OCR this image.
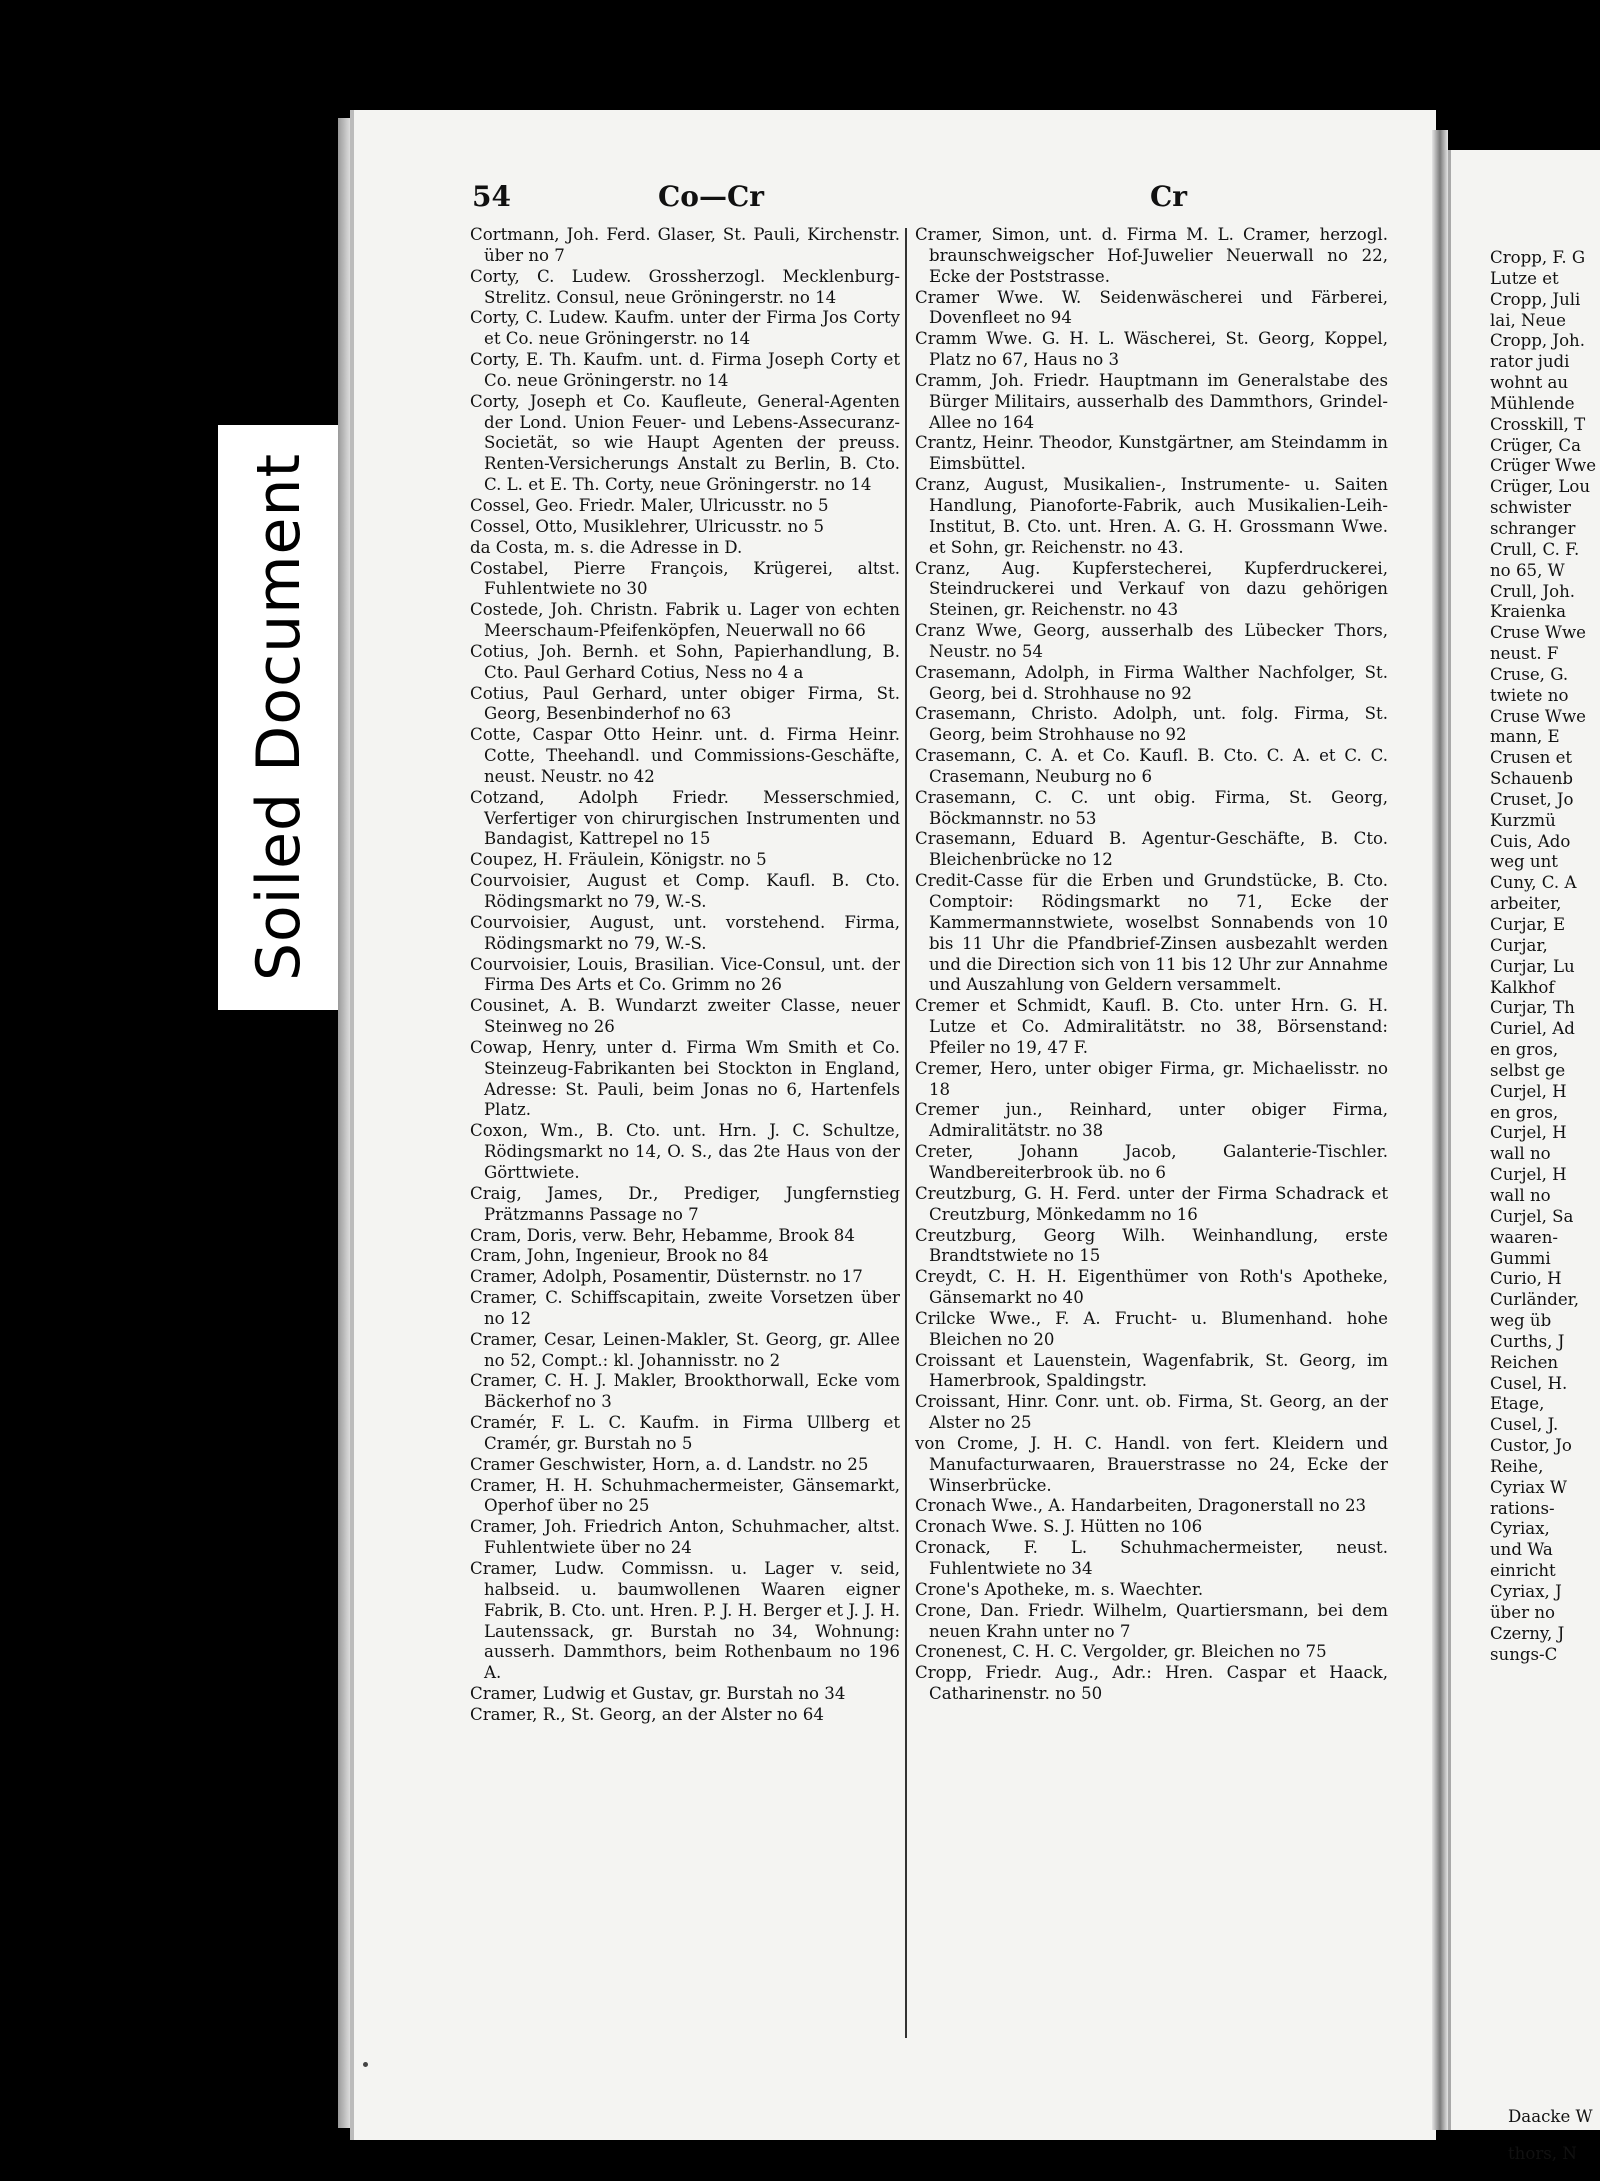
Soiled Document
54	Co—Cr	Cr

Cortmann, Joh. Ferd. Glaser, St. Pauli, Kirchenstr. über no 7

Corty, C. Ludew. Grossherzogl. Mecklenburg-Strelitz. Consul, neue Gröningerstr. no 14

Corty, C. Ludew. Kaufm. unter der Firma Jos Corty et Co. neue Gröningerstr. no 14

Corty, E. Th. Kaufm. unt. d. Firma Joseph Corty et Co. neue Gröningerstr. no 14

Corty, Joseph et Co. Kaufleute, General-Agenten der Lond. Union Feuer- und Lebens-Assecuranz-Societät, so wie Haupt Agenten der preuss. Renten-Versicherungs Anstalt zu Berlin, B. Cto. C. L. et E. Th. Corty, neue Gröningerstr. no 14

Cossel, Geo. Friedr. Maler, Ulricusstr. no 5

Cossel, Otto, Musiklehrer, Ulricusstr. no 5

da Costa, m. s. die Adresse in D.

Costabel, Pierre François, Krügerei, altst. Fuhlentwiete no 30

Costede, Joh. Christn. Fabrik u. Lager von echten Meerschaum-Pfeifenköpfen, Neuerwall no 66

Cotius, Joh. Bernh. et Sohn, Papierhandlung, B. Cto. Paul Gerhard Cotius, Ness no 4 a

Cotius, Paul Gerhard, unter obiger Firma, St. Georg, Besenbinderhof no 63

Cotte, Caspar Otto Heinr. unt. d. Firma Heinr. Cotte, Theehandl. und Commissions-Geschäfte, neust. Neustr. no 42

Cotzand, Adolph Friedr. Messerschmied, Verfertiger von chirurgischen Instrumenten und Bandagist, Kattrepel no 15

Coupez, H. Fräulein, Königstr. no 5

Courvoisier, August et Comp. Kaufl. B. Cto. Rödingsmarkt no 79, W.-S.

Courvoisier, August, unt. vorstehend. Firma, Rödingsmarkt no 79, W.-S.

Courvoisier, Louis, Brasilian. Vice-Consul, unt. der Firma Des Arts et Co. Grimm no 26

Cousinet, A. B. Wundarzt zweiter Classe, neuer Steinweg no 26

Cowap, Henry, unter d. Firma Wm Smith et Co. Steinzeug-Fabrikanten bei Stockton in England, Adresse: St. Pauli, beim Jonas no 6, Hartenfels Platz.

Coxon, Wm., B. Cto. unt. Hrn. J. C. Schultze, Rödingsmarkt no 14, O. S., das 2te Haus von der Görttwiete.

Craig, James, Dr., Prediger, Jungfernstieg Prätzmanns Passage no 7

Cram, Doris, verw. Behr, Hebamme, Brook 84

Cram, John, Ingenieur, Brook no 84

Cramer, Adolph, Posamentir, Düsternstr. no 17

Cramer, C. Schiffscapitain, zweite Vorsetzen über no 12

Cramer, Cesar, Leinen-Makler, St. Georg, gr. Allee no 52, Compt.: kl. Johannisstr. no 2

Cramer, C. H. J. Makler, Brookthorwall, Ecke vom Bäckerhof no 3

Cramér, F. L. C. Kaufm. in Firma Ullberg et Cramér, gr. Burstah no 5

Cramer Geschwister, Horn, a. d. Landstr. no 25

Cramer, H. H. Schuhmachermeister, Gänsemarkt, Operhof über no 25

Cramer, Joh. Friedrich Anton, Schuhmacher, altst. Fuhlentwiete über no 24

Cramer, Ludw. Commissn. u. Lager v. seid, halbseid. u. baumwollenen Waaren eigner Fabrik, B. Cto. unt. Hren. P. J. H. Berger et J. J. H. Lautenssack, gr. Burstah no 34, Wohnung: ausserh. Dammthors, beim Rothenbaum no 196 A.

Cramer, Ludwig et Gustav, gr. Burstah no 34

Cramer, R., St. Georg, an der Alster no 64

Cramer, Simon, unt. d. Firma M. L. Cramer, herzogl. braunschweigscher Hof-Juwelier Neuerwall no 22, Ecke der Poststrasse.

Cramer Wwe. W. Seidenwäscherei und Färberei, Dovenfleet no 94

Cramm Wwe. G. H. L. Wäscherei, St. Georg, Koppel, Platz no 67, Haus no 3

Cramm, Joh. Friedr. Hauptmann im Generalstabe des Bürger Militairs, ausserhalb des Dammthors, Grindel-Allee no 164

Crantz, Heinr. Theodor, Kunstgärtner, am Steindamm in Eimsbüttel.

Cranz, August, Musikalien-, Instrumente- u. Saiten Handlung, Pianoforte-Fabrik, auch Musikalien-Leih-Institut, B. Cto. unt. Hren. A. G. H. Grossmann Wwe. et Sohn, gr. Reichenstr. no 43.

Cranz, Aug. Kupferstecherei, Kupferdruckerei, Steindruckerei und Verkauf von dazu gehörigen Steinen, gr. Reichenstr. no 43

Cranz Wwe, Georg, ausserhalb des Lübecker Thors, Neustr. no 54

Crasemann, Adolph, in Firma Walther Nachfolger, St. Georg, bei d. Strohhause no 92

Crasemann, Christo. Adolph, unt. folg. Firma, St. Georg, beim Strohhause no 92

Crasemann, C. A. et Co. Kaufl. B. Cto. C. A. et C. C. Crasemann, Neuburg no 6

Crasemann, C. C. unt obig. Firma, St. Georg, Böckmannstr. no 53

Crasemann, Eduard B. Agentur-Geschäfte, B. Cto. Bleichenbrücke no 12

Credit-Casse für die Erben und Grundstücke, B. Cto. Comptoir: Rödingsmarkt no 71, Ecke der Kammermannstwiete, woselbst Sonnabends von 10 bis 11 Uhr die Pfandbrief-Zinsen ausbezahlt werden und die Direction sich von 11 bis 12 Uhr zur Annahme und Auszahlung von Geldern versammelt.

Cremer et Schmidt, Kaufl. B. Cto. unter Hrn. G. H. Lutze et Co. Admiralitätstr. no 38, Börsenstand: Pfeiler no 19, 47 F.

Cremer, Hero, unter obiger Firma, gr. Michaelisstr. no 18

Cremer jun., Reinhard, unter obiger Firma, Admiralitätstr. no 38

Creter, Johann Jacob, Galanterie-Tischler. Wandbereiterbrook üb. no 6

Creutzburg, G. H. Ferd. unter der Firma Schadrack et Creutzburg, Mönkedamm no 16

Creutzburg, Georg Wilh. Weinhandlung, erste Brandtstwiete no 15

Creydt, C. H. H. Eigenthümer von Roth's Apotheke, Gänsemarkt no 40

Crilcke Wwe., F. A. Frucht- u. Blumenhand. hohe Bleichen no 20

Croissant et Lauenstein, Wagenfabrik, St. Georg, im Hamerbrook, Spaldingstr.

Croissant, Hinr. Conr. unt. ob. Firma, St. Georg, an der Alster no 25

von Crome, J. H. C. Handl. von fert. Kleidern und Manufacturwaaren, Brauerstrasse no 24, Ecke der Winserbrücke.

Cronach Wwe., A. Handarbeiten, Dragonerstall no 23

Cronach Wwe. S. J. Hütten no 106

Cronack, F. L. Schuhmachermeister, neust. Fuhlentwiete no 34

Crone's Apotheke, m. s. Waechter.

Crone, Dan. Friedr. Wilhelm, Quartiersmann, bei dem neuen Krahn unter no 7

Cronenest, C. H. C. Vergolder, gr. Bleichen no 75

Cropp, Friedr. Aug., Adr.: Hren. Caspar et Haack, Catharinenstr. no 50

Cropp, F. G

Lutze et

Cropp, Juli

lai, Neue

Cropp, Joh.

rator judi

wohnt au

Mühlende

Crosskill, T

Crüger, Ca

Crüger Wwe

Crüger, Lou

schwister

schranger

Crull, C. F.

no 65, W

Crull, Joh.

Kraienka

Cruse Wwe

neust. F

Cruse, G.

twiete no

Cruse Wwe

mann, E

Crusen et

Schauenb

Cruset, Jo

Kurzmü

Cuis, Ado

weg unt

Cuny, C. A

arbeiter,

Curjar, E

Curjar,

Curjar, Lu

Kalkhof

Curjar, Th

Curiel, Ad

en gros,

selbst ge

Curjel, H

en gros,

Curjel, H

wall no

Curjel, H

wall no

Curjel, Sa

waaren-

Gummi

Curio, H

Curländer,

weg üb

Curths, J

Reichen

Cusel, H.

Etage,

Cusel, J.

Custor, Jo

Reihe,

Cyriax W

rations-

Cyriax,

und Wa

einricht

Cyriax, J

über no

Czerny, J

sungs-C

Daacke W

thors, N
